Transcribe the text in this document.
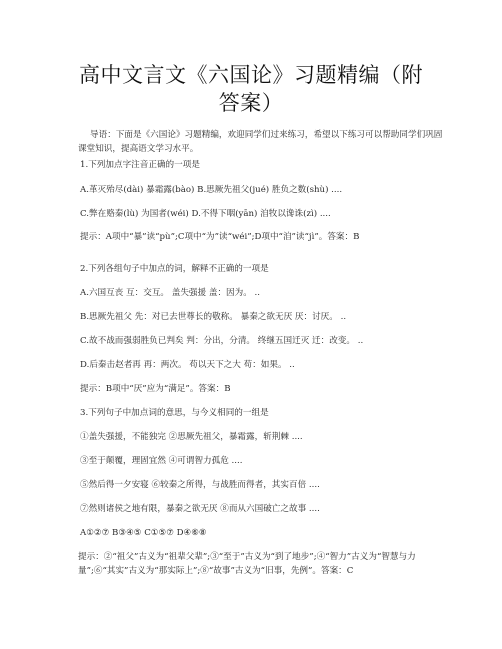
高中文言文《六国论》习题精编（附
答案）
导语：下面是《六国论》习题精编，欢迎同学们过来练习，希望以下练习可以帮助同学们巩固课堂知识，提高语文学习水平。
1.下列加点字注音正确的一项是
A.革灭殆尽(dài) 暴霜露(bào) B.思厥先祖父(jué) 胜负之数(shù) ....
C.弊在赂秦(lù) 为国者(wéi) D.不得下咽(yān) 洎牧以谗诛(zì) ....
提示：A项中“暴”读“pù”;C项中“为”读“wéi”;D项中“洎”读“jì”。答案：B
2.下列各组句子中加点的词，解释不正确的一项是
A.六国互丧 互：交互。 盖失强援 盖：因为。 ..
B.思厥先祖父 先：对已去世尊长的敬称。 暴秦之欲无厌 厌：讨厌。 ..
C.故不战而强弱胜负已判矣 判：分出，分清。 终继五国迁灭 迁：改变。 ..
D.后秦击赵者再 再：两次。 苟以天下之大 苟：如果。 ..
提示：B项中“厌”应为“满足”。答案：B
3.下列句子中加点词的意思，与今义相同的一组是
①盖失强援，不能独完 ②思厥先祖父，暴霜露，斩荆棘 ....
③至于颠覆，理固宜然 ④可谓智力孤危 ....
⑤然后得一夕安寝 ⑥较秦之所得，与战胜而得者，其实百倍 ....
⑦然则诸侯之地有限，暴秦之欲无厌 ⑧而从六国破亡之故事 ....
A①②⑦ B③④⑤ C①⑤⑦ D④⑥⑧
提示：②“祖父”古义为“祖辈父辈”;③“至于”古义为“到了地步”;④“智力”古义为“智慧与力量”;⑥“其实”古义为“那实际上”;⑧“故事”古义为“旧事，先例”。答案：C
